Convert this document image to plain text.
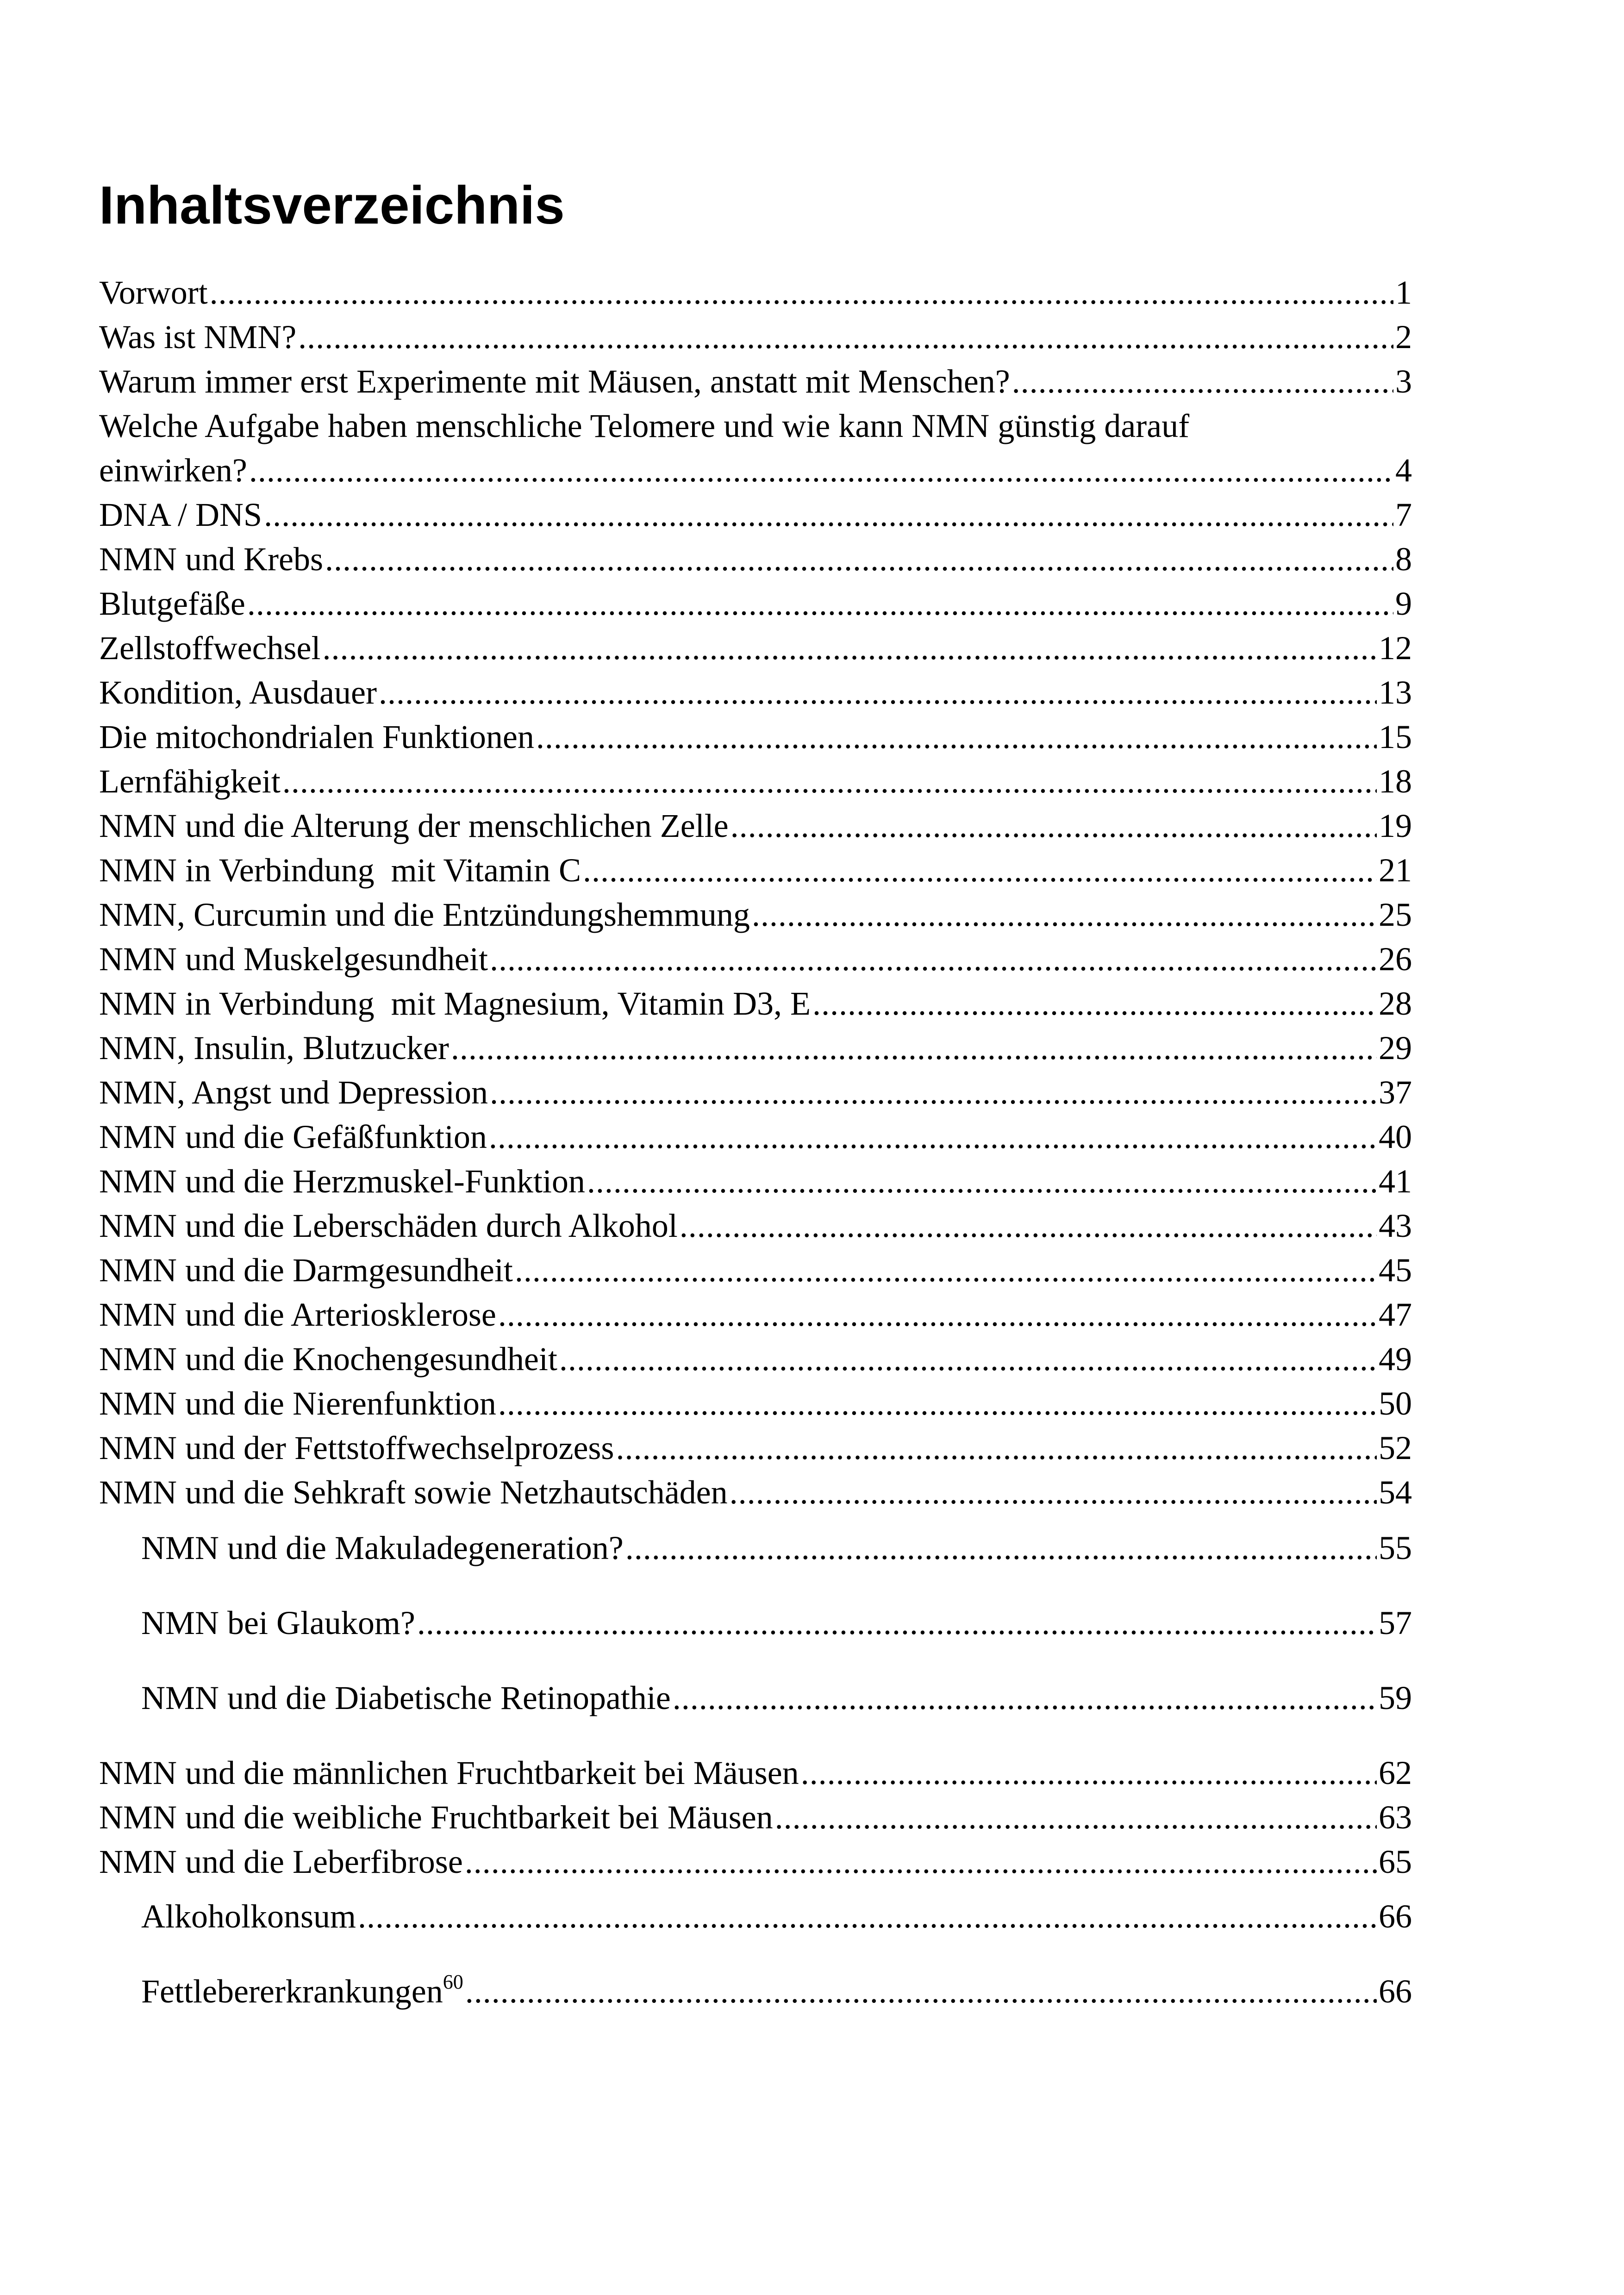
Inhaltsverzeichnis
Vorwort .....	1
Was ist NMN? .....	2
Warum immer erst Experimente mit Mäusen, anstatt mit Menschen? .....	3
Welche Aufgabe haben menschliche Telomere und wie kann NMN günstig darauf
einwirken? .....	4
DNA / DNS .....	7
NMN und Krebs .....	8
Blutgefäße .....	9
Zellstoffwechsel .....	12
Kondition, Ausdauer .....	13
Die mitochondrialen Funktionen .....	15
Lernfähigkeit .....	18
NMN und die Alterung der menschlichen Zelle .....	19
NMN in Verbindung  mit Vitamin C .....	21
NMN, Curcumin und die Entzündungshemmung .....	25
NMN und Muskelgesundheit .....	26
NMN in Verbindung  mit Magnesium, Vitamin D3, E .....	28
NMN, Insulin, Blutzucker .....	29
NMN, Angst und Depression .....	37
NMN und die Gefäßfunktion .....	40
NMN und die Herzmuskel-Funktion .....	41
NMN und die Leberschäden durch Alkohol .....	43
NMN und die Darmgesundheit .....	45
NMN und die Arteriosklerose .....	47
NMN und die Knochengesundheit .....	49
NMN und die Nierenfunktion .....	50
NMN und der Fettstoffwechselprozess .....	52
NMN und die Sehkraft sowie Netzhautschäden .....	54
NMN und die Makuladegeneration? .....	55
NMN bei Glaukom? .....	57
NMN und die Diabetische Retinopathie .....	59
NMN und die männlichen Fruchtbarkeit bei Mäusen .....	62
NMN und die weibliche Fruchtbarkeit bei Mäusen .....	63
NMN und die Leberfibrose .....	65
Alkoholkonsum .....	66
Fettlebererkrankungen$^{60}$ .....	66
